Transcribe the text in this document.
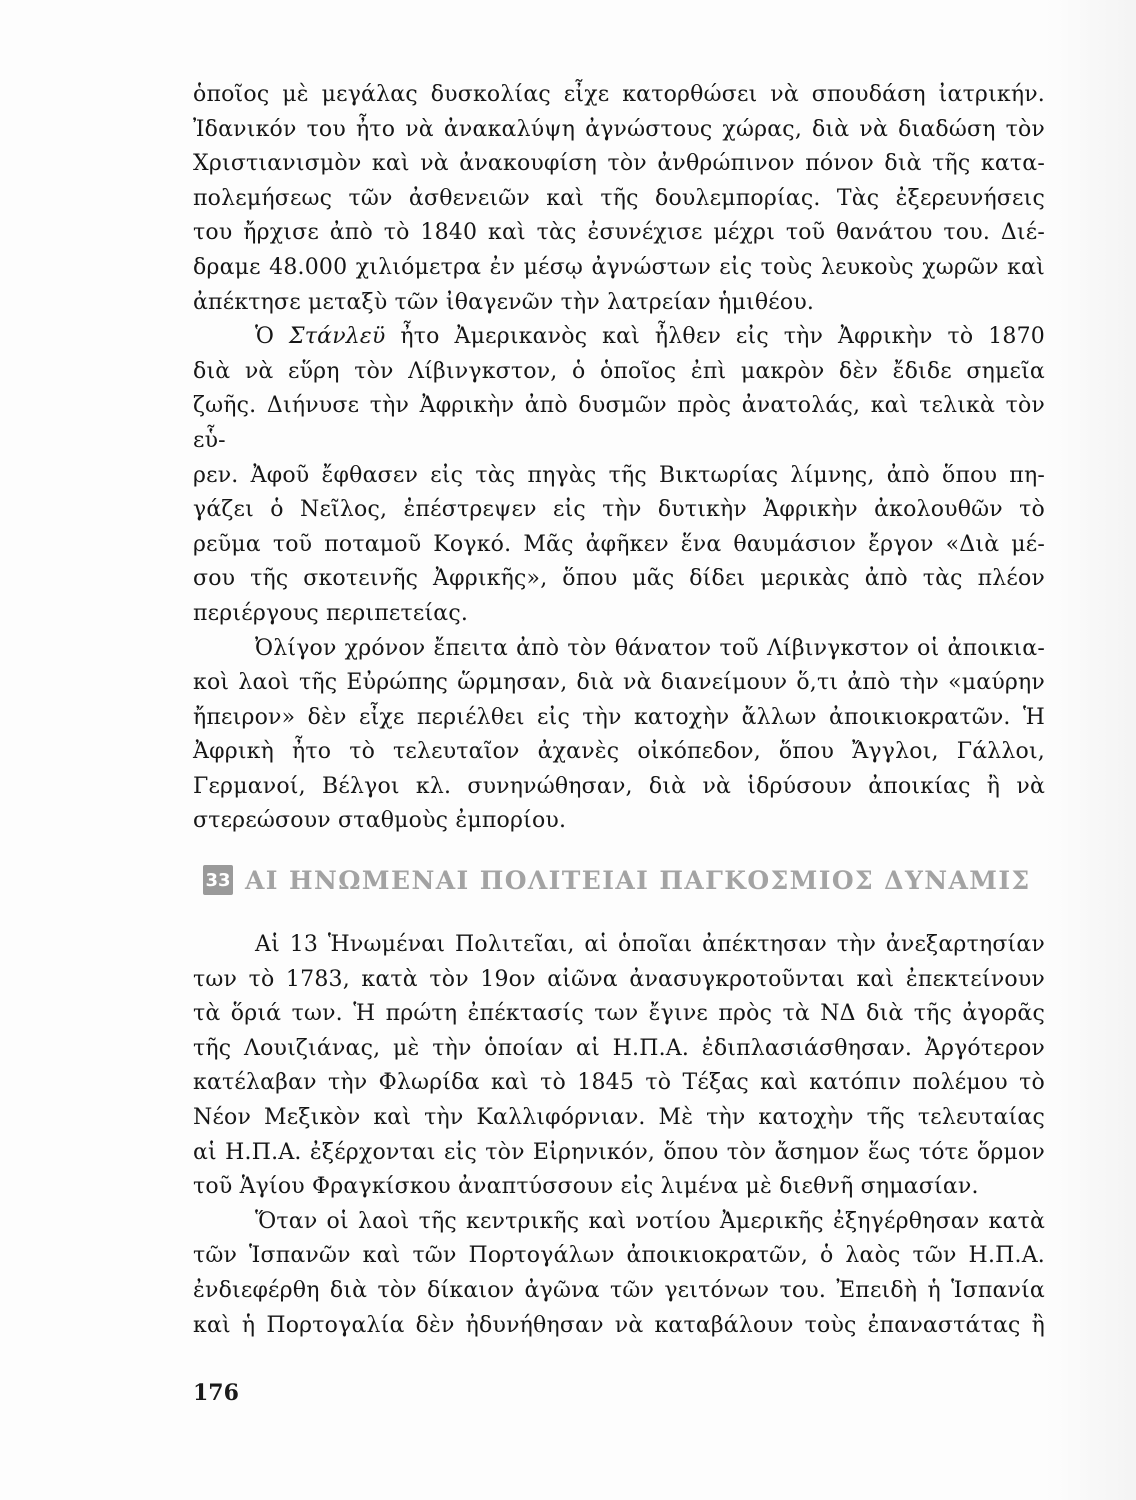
ὁποῖος μὲ μεγάλας δυσκολίας εἶχε κατορθώσει νὰ σπουδάση ἰατρικήν.
Ἰδανικόν του ἦτο νὰ ἀνακαλύψη ἀγνώστους χώρας, διὰ νὰ διαδώση τὸν
Χριστιανισμὸν καὶ νὰ ἀνακουφίση τὸν ἀνθρώπινον πόνον διὰ τῆς κατα-
πολεμήσεως τῶν ἀσθενειῶν καὶ τῆς δουλεμπορίας. Τὰς ἐξερευνήσεις
του ἤρχισε ἀπὸ τὸ 1840 καὶ τὰς ἐσυνέχισε μέχρι τοῦ θανάτου του. Διέ-
δραμε 48.000 χιλιόμετρα ἐν μέσῳ ἀγνώστων εἰς τοὺς λευκοὺς χωρῶν καὶ
ἀπέκτησε μεταξὺ τῶν ἰθαγενῶν τὴν λατρείαν ἡμιθέου.

Ὁ Στάνλεϋ ἦτο Ἀμερικανὸς καὶ ἦλθεν εἰς τὴν Ἀφρικὴν τὸ 1870
διὰ νὰ εὕρη τὸν Λίβινγκστον, ὁ ὁποῖος ἐπὶ μακρὸν δὲν ἔδιδε σημεῖα
ζωῆς. Διήνυσε τὴν Ἀφρικὴν ἀπὸ δυσμῶν πρὸς ἀνατολάς, καὶ τελικὰ τὸν εὗ-
ρεν. Ἀφοῦ ἔφθασεν εἰς τὰς πηγὰς τῆς Βικτωρίας λίμνης, ἀπὸ ὅπου πη-
γάζει ὁ Νεῖλος, ἐπέστρεψεν εἰς τὴν δυτικὴν Ἀφρικὴν ἀκολουθῶν τὸ
ρεῦμα τοῦ ποταμοῦ Κογκό. Μᾶς ἀφῆκεν ἕνα θαυμάσιον ἔργον «Διὰ μέ-
σου τῆς σκοτεινῆς Ἀφρικῆς», ὅπου μᾶς δίδει μερικὰς ἀπὸ τὰς πλέον
περιέργους περιπετείας.

Ὀλίγον χρόνον ἔπειτα ἀπὸ τὸν θάνατον τοῦ Λίβινγκστον οἱ ἀποικια-
κοὶ λαοὶ τῆς Εὐρώπης ὥρμησαν, διὰ νὰ διανείμουν ὅ,τι ἀπὸ τὴν «μαύρην
ἤπειρον» δὲν εἶχε περιέλθει εἰς τὴν κατοχὴν ἄλλων ἀποικιοκρατῶν. Ἡ
Ἀφρικὴ ἦτο τὸ τελευταῖον ἀχανὲς οἰκόπεδον, ὅπου Ἄγγλοι, Γάλλοι,
Γερμανοί, Βέλγοι κλ. συνηνώθησαν, διὰ νὰ ἱδρύσουν ἀποικίας ἢ νὰ
στερεώσουν σταθμοὺς ἐμπορίου.

33 ΑΙ ΗΝΩΜΕΝΑΙ ΠΟΛΙΤΕΙΑΙ ΠΑΓΚΟΣΜΙΟΣ ΔΥΝΑΜΙΣ

Αἱ 13 Ἡνωμέναι Πολιτεῖαι, αἱ ὁποῖαι ἀπέκτησαν τὴν ἀνεξαρτησίαν
των τὸ 1783, κατὰ τὸν 19ον αἰῶνα ἀνασυγκροτοῦνται καὶ ἐπεκτείνουν
τὰ ὅριά των. Ἡ πρώτη ἐπέκτασίς των ἔγινε πρὸς τὰ ΝΔ διὰ τῆς ἀγορᾶς
τῆς Λουιζιάνας, μὲ τὴν ὁποίαν αἱ Η.Π.Α. ἐδιπλασιάσθησαν. Ἀργότερον
κατέλαβαν τὴν Φλωρίδα καὶ τὸ 1845 τὸ Τέξας καὶ κατόπιν πολέμου τὸ
Νέον Μεξικὸν καὶ τὴν Καλλιφόρνιαν. Μὲ τὴν κατοχὴν τῆς τελευταίας
αἱ Η.Π.Α. ἐξέρχονται εἰς τὸν Εἰρηνικόν, ὅπου τὸν ἄσημον ἕως τότε ὅρμον
τοῦ Ἁγίου Φραγκίσκου ἀναπτύσσουν εἰς λιμένα μὲ διεθνῆ σημασίαν.

Ὅταν οἱ λαοὶ τῆς κεντρικῆς καὶ νοτίου Ἀμερικῆς ἐξηγέρθησαν κατὰ
τῶν Ἱσπανῶν καὶ τῶν Πορτογάλων ἀποικιοκρατῶν, ὁ λαὸς τῶν Η.Π.Α.
ἐνδιεφέρθη διὰ τὸν δίκαιον ἀγῶνα τῶν γειτόνων του. Ἐπειδὴ ἡ Ἱσπανία
καὶ ἡ Πορτογαλία δὲν ἠδυνήθησαν νὰ καταβάλουν τοὺς ἐπαναστάτας ἢ

176
